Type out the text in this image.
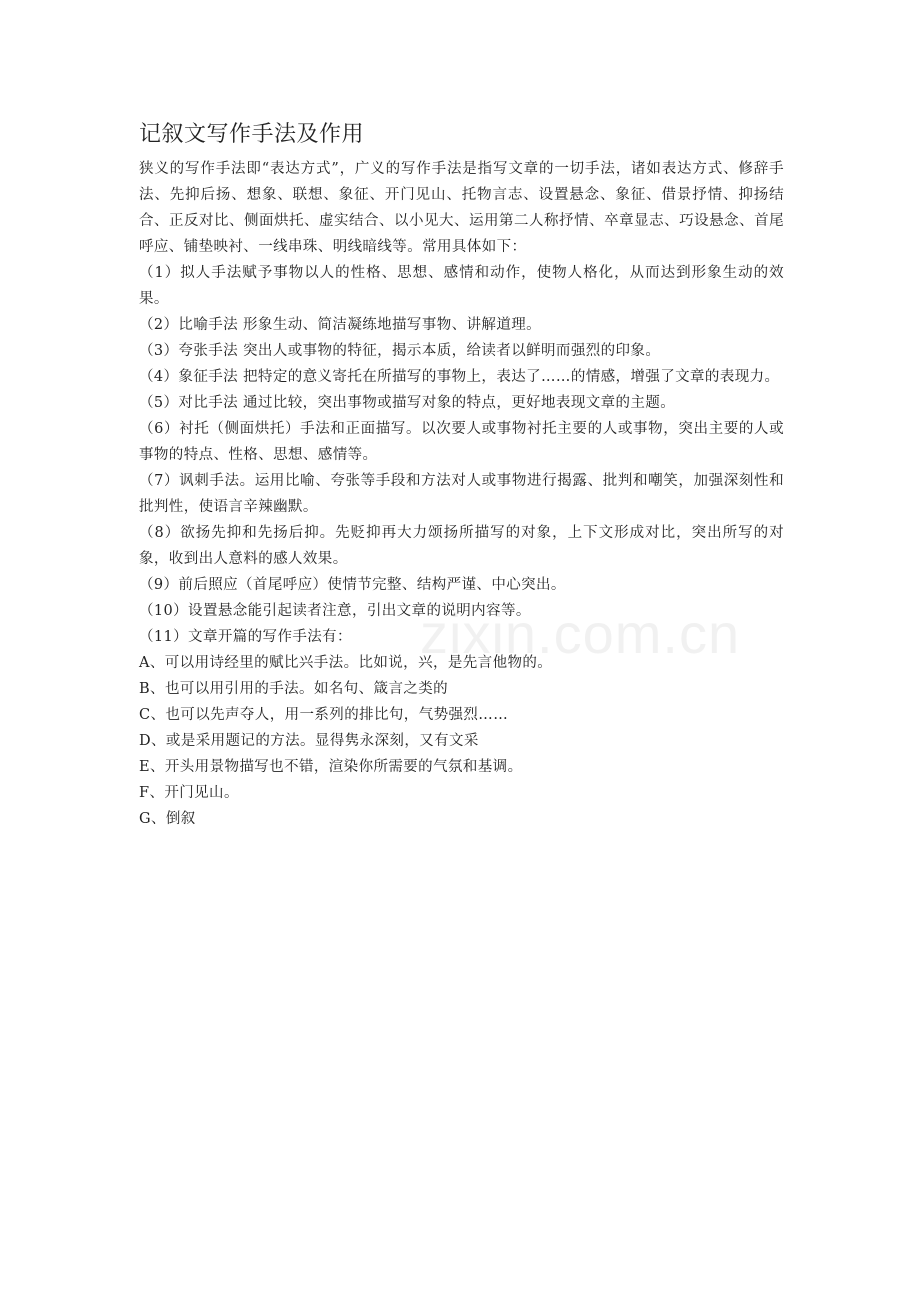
记叙文写作手法及作用

狭义的写作手法即“表达方式”，广义的写作手法是指写文章的一切手法，诸如表达方式、修辞手法、先抑后扬、想象、联想、象征、开门见山、托物言志、设置悬念、象征、借景抒情、抑扬结合、正反对比、侧面烘托、虚实结合、以小见大、运用第二人称抒情、卒章显志、巧设悬念、首尾呼应、铺垫映衬、一线串珠、明线暗线等。常用具体如下：

（1）拟人手法赋予事物以人的性格、思想、感情和动作，使物人格化，从而达到形象生动的效果。

（2）比喻手法 形象生动、简洁凝练地描写事物、讲解道理。

（3）夸张手法 突出人或事物的特征，揭示本质，给读者以鲜明而强烈的印象。

（4）象征手法 把特定的意义寄托在所描写的事物上，表达了……的情感，增强了文章的表现力。

（5）对比手法 通过比较，突出事物或描写对象的特点，更好地表现文章的主题。

（6）衬托（侧面烘托）手法和正面描写。以次要人或事物衬托主要的人或事物，突出主要的人或事物的特点、性格、思想、感情等。

（7）讽刺手法。运用比喻、夸张等手段和方法对人或事物进行揭露、批判和嘲笑，加强深刻性和批判性，使语言辛辣幽默。

（8）欲扬先抑和先扬后抑。先贬抑再大力颂扬所描写的对象，上下文形成对比，突出所写的对象，收到出人意料的感人效果。

（9）前后照应（首尾呼应）使情节完整、结构严谨、中心突出。

（10）设置悬念能引起读者注意，引出文章的说明内容等。

（11）文章开篇的写作手法有：

A、可以用诗经里的赋比兴手法。比如说，兴，是先言他物的。

B、也可以用引用的手法。如名句、箴言之类的

C、也可以先声夺人，用一系列的排比句，气势强烈……

D、或是采用题记的方法。显得隽永深刻，又有文采

E、开头用景物描写也不错，渲染你所需要的气氛和基调。

F、开门见山。

G、倒叙

zixin.com.cn
